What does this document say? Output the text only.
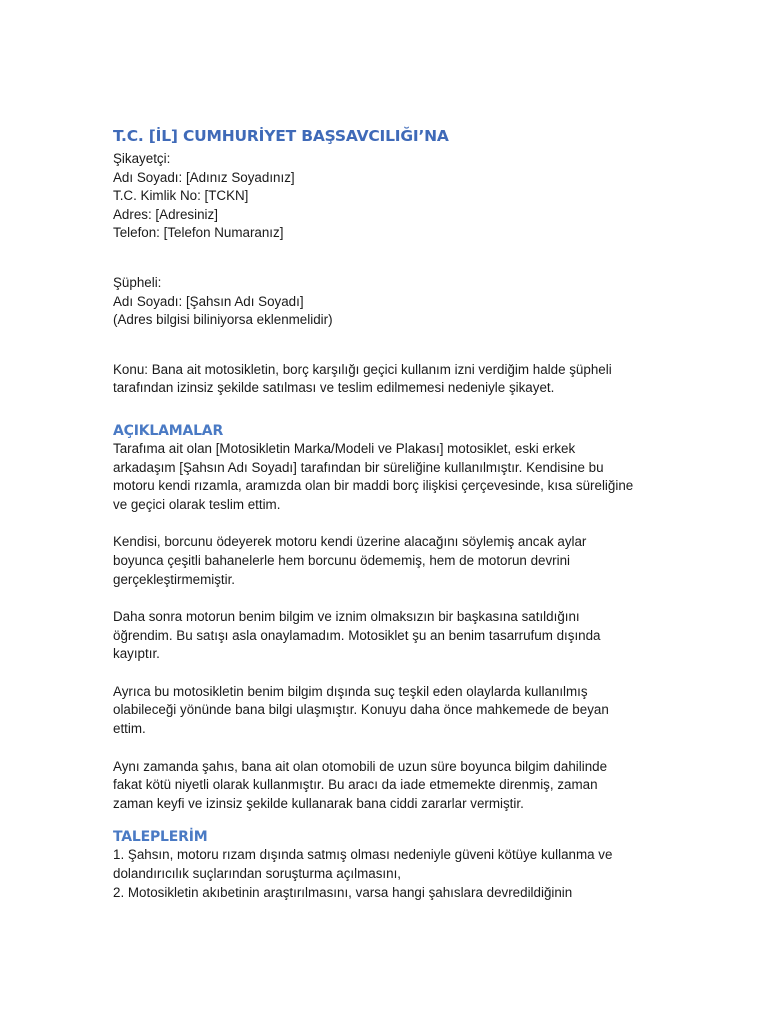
T.C. [İL] CUMHURİYET BAŞSAVCILIĞI’NA

Şikayetçi:

Adı Soyadı: [Adınız Soyadınız]

T.C. Kimlik No: [TCKN]

Adres: [Adresiniz]

Telefon: [Telefon Numaranız]

Şüpheli:

Adı Soyadı: [Şahsın Adı Soyadı]

(Adres bilgisi biliniyorsa eklenmelidir)

Konu: Bana ait motosikletin, borç karşılığı geçici kullanım izni verdiğim halde şüpheli

tarafından izinsiz şekilde satılması ve teslim edilmemesi nedeniyle şikayet.

AÇIKLAMALAR

Tarafıma ait olan [Motosikletin Marka/Modeli ve Plakası] motosiklet, eski erkek

arkadaşım [Şahsın Adı Soyadı] tarafından bir süreliğine kullanılmıştır. Kendisine bu

motoru kendi rızamla, aramızda olan bir maddi borç ilişkisi çerçevesinde, kısa süreliğine

ve geçici olarak teslim ettim.

Kendisi, borcunu ödeyerek motoru kendi üzerine alacağını söylemiş ancak aylar

boyunca çeşitli bahanelerle hem borcunu ödememiş, hem de motorun devrini

gerçekleştirmemiştir.

Daha sonra motorun benim bilgim ve iznim olmaksızın bir başkasına satıldığını

öğrendim. Bu satışı asla onaylamadım. Motosiklet şu an benim tasarrufum dışında

kayıptır.

Ayrıca bu motosikletin benim bilgim dışında suç teşkil eden olaylarda kullanılmış

olabileceği yönünde bana bilgi ulaşmıştır. Konuyu daha önce mahkemede de beyan

ettim.

Aynı zamanda şahıs, bana ait olan otomobili de uzun süre boyunca bilgim dahilinde

fakat kötü niyetli olarak kullanmıştır. Bu aracı da iade etmemekte direnmiş, zaman

zaman keyfi ve izinsiz şekilde kullanarak bana ciddi zararlar vermiştir.

TALEPLERİM

1. Şahsın, motoru rızam dışında satmış olması nedeniyle güveni kötüye kullanma ve

dolandırıcılık suçlarından soruşturma açılmasını,

2. Motosikletin akıbetinin araştırılmasını, varsa hangi şahıslara devredildiğinin
